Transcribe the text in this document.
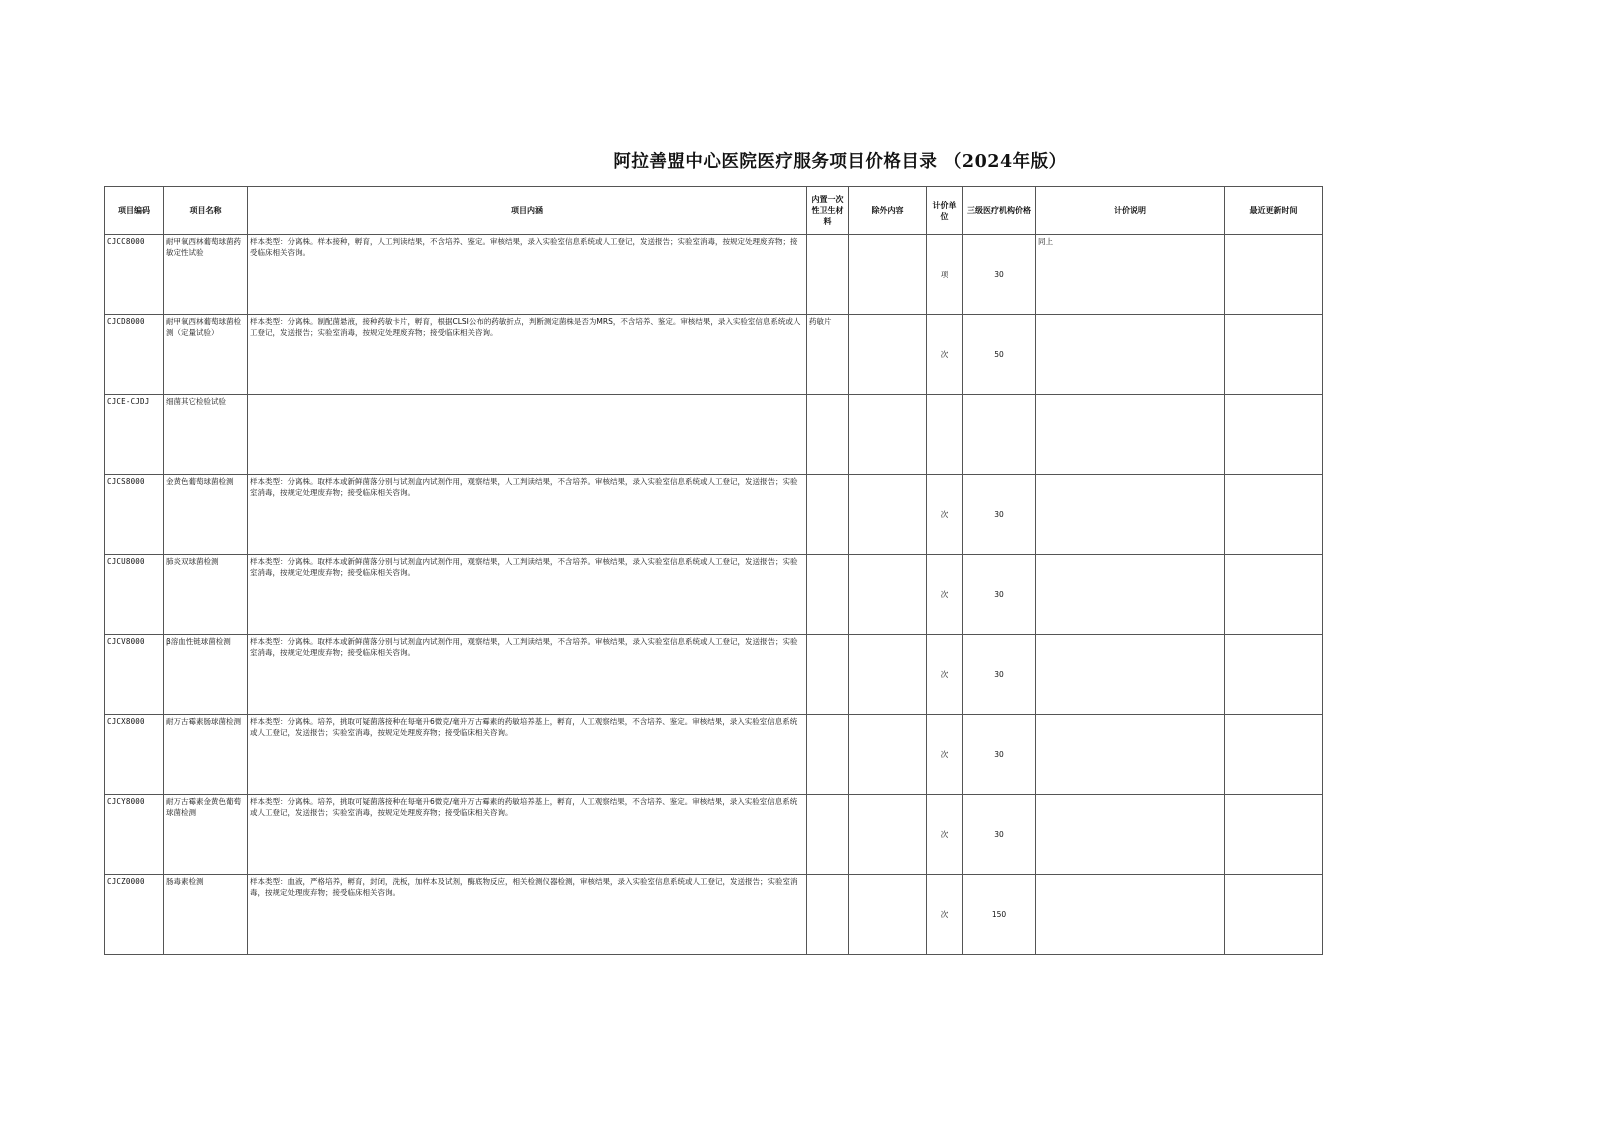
阿拉善盟中心医院医疗服务项目价格目录 （2024年版）
项目编码	项目名称	项目内涵	内置一次性卫生材料	除外内容	计价单位	三级医疗机构价格	计价说明	最近更新时间
CJCC8000	耐甲氧西林葡萄球菌药敏定性试验	样本类型：分离株。样本接种，孵育，人工判读结果，不含培养、鉴定。审核结果，录入实验室信息系统或人工登记，发送报告；实验室消毒，按规定处理废弃物；接受临床相关咨询。			项	30	同上	
CJCD8000	耐甲氧西林葡萄球菌检测（定量试验）	样本类型：分离株。制配菌悬液，接种药敏卡片，孵育，根据CLSI公布的药敏折点，判断测定菌株是否为MRS，不含培养、鉴定。审核结果，录入实验室信息系统或人工登记，发送报告；实验室消毒，按规定处理废弃物；接受临床相关咨询。	药敏片		次	50		
CJCE-CJDJ	细菌其它检验试验							
CJCS8000	金黄色葡萄球菌检测	样本类型：分离株。取样本或新鲜菌落分别与试剂盒内试剂作用，观察结果，人工判读结果，不含培养。审核结果，录入实验室信息系统或人工登记，发送报告；实验室消毒，按规定处理废弃物；接受临床相关咨询。			次	30		
CJCU8000	肺炎双球菌检测	样本类型：分离株。取样本或新鲜菌落分别与试剂盒内试剂作用，观察结果，人工判读结果，不含培养。审核结果，录入实验室信息系统或人工登记，发送报告；实验室消毒，按规定处理废弃物；接受临床相关咨询。			次	30		
CJCV8000	β溶血性链球菌检测	样本类型：分离株。取样本或新鲜菌落分别与试剂盒内试剂作用，观察结果，人工判读结果，不含培养。审核结果，录入实验室信息系统或人工登记，发送报告；实验室消毒，按规定处理废弃物；接受临床相关咨询。			次	30		
CJCX8000	耐万古霉素肠球菌检测	样本类型：分离株。培养，挑取可疑菌落接种在每毫升6微克/毫升万古霉素的药敏培养基上，孵育，人工观察结果，不含培养、鉴定。审核结果，录入实验室信息系统或人工登记，发送报告；实验室消毒，按规定处理废弃物；接受临床相关咨询。			次	30		
CJCY8000	耐万古霉素金黄色葡萄球菌检测	样本类型：分离株。培养，挑取可疑菌落接种在每毫升6微克/毫升万古霉素的药敏培养基上，孵育，人工观察结果，不含培养、鉴定。审核结果，录入实验室信息系统或人工登记，发送报告；实验室消毒，按规定处理废弃物；接受临床相关咨询。			次	30		
CJCZ0000	肠毒素检测	样本类型：血液，严格培养，孵育，封闭，洗板，加样本及试剂，酶底物反应，相关检测仪器检测，审核结果，录入实验室信息系统或人工登记，发送报告；实验室消毒，按规定处理废弃物；接受临床相关咨询。			次	150		
